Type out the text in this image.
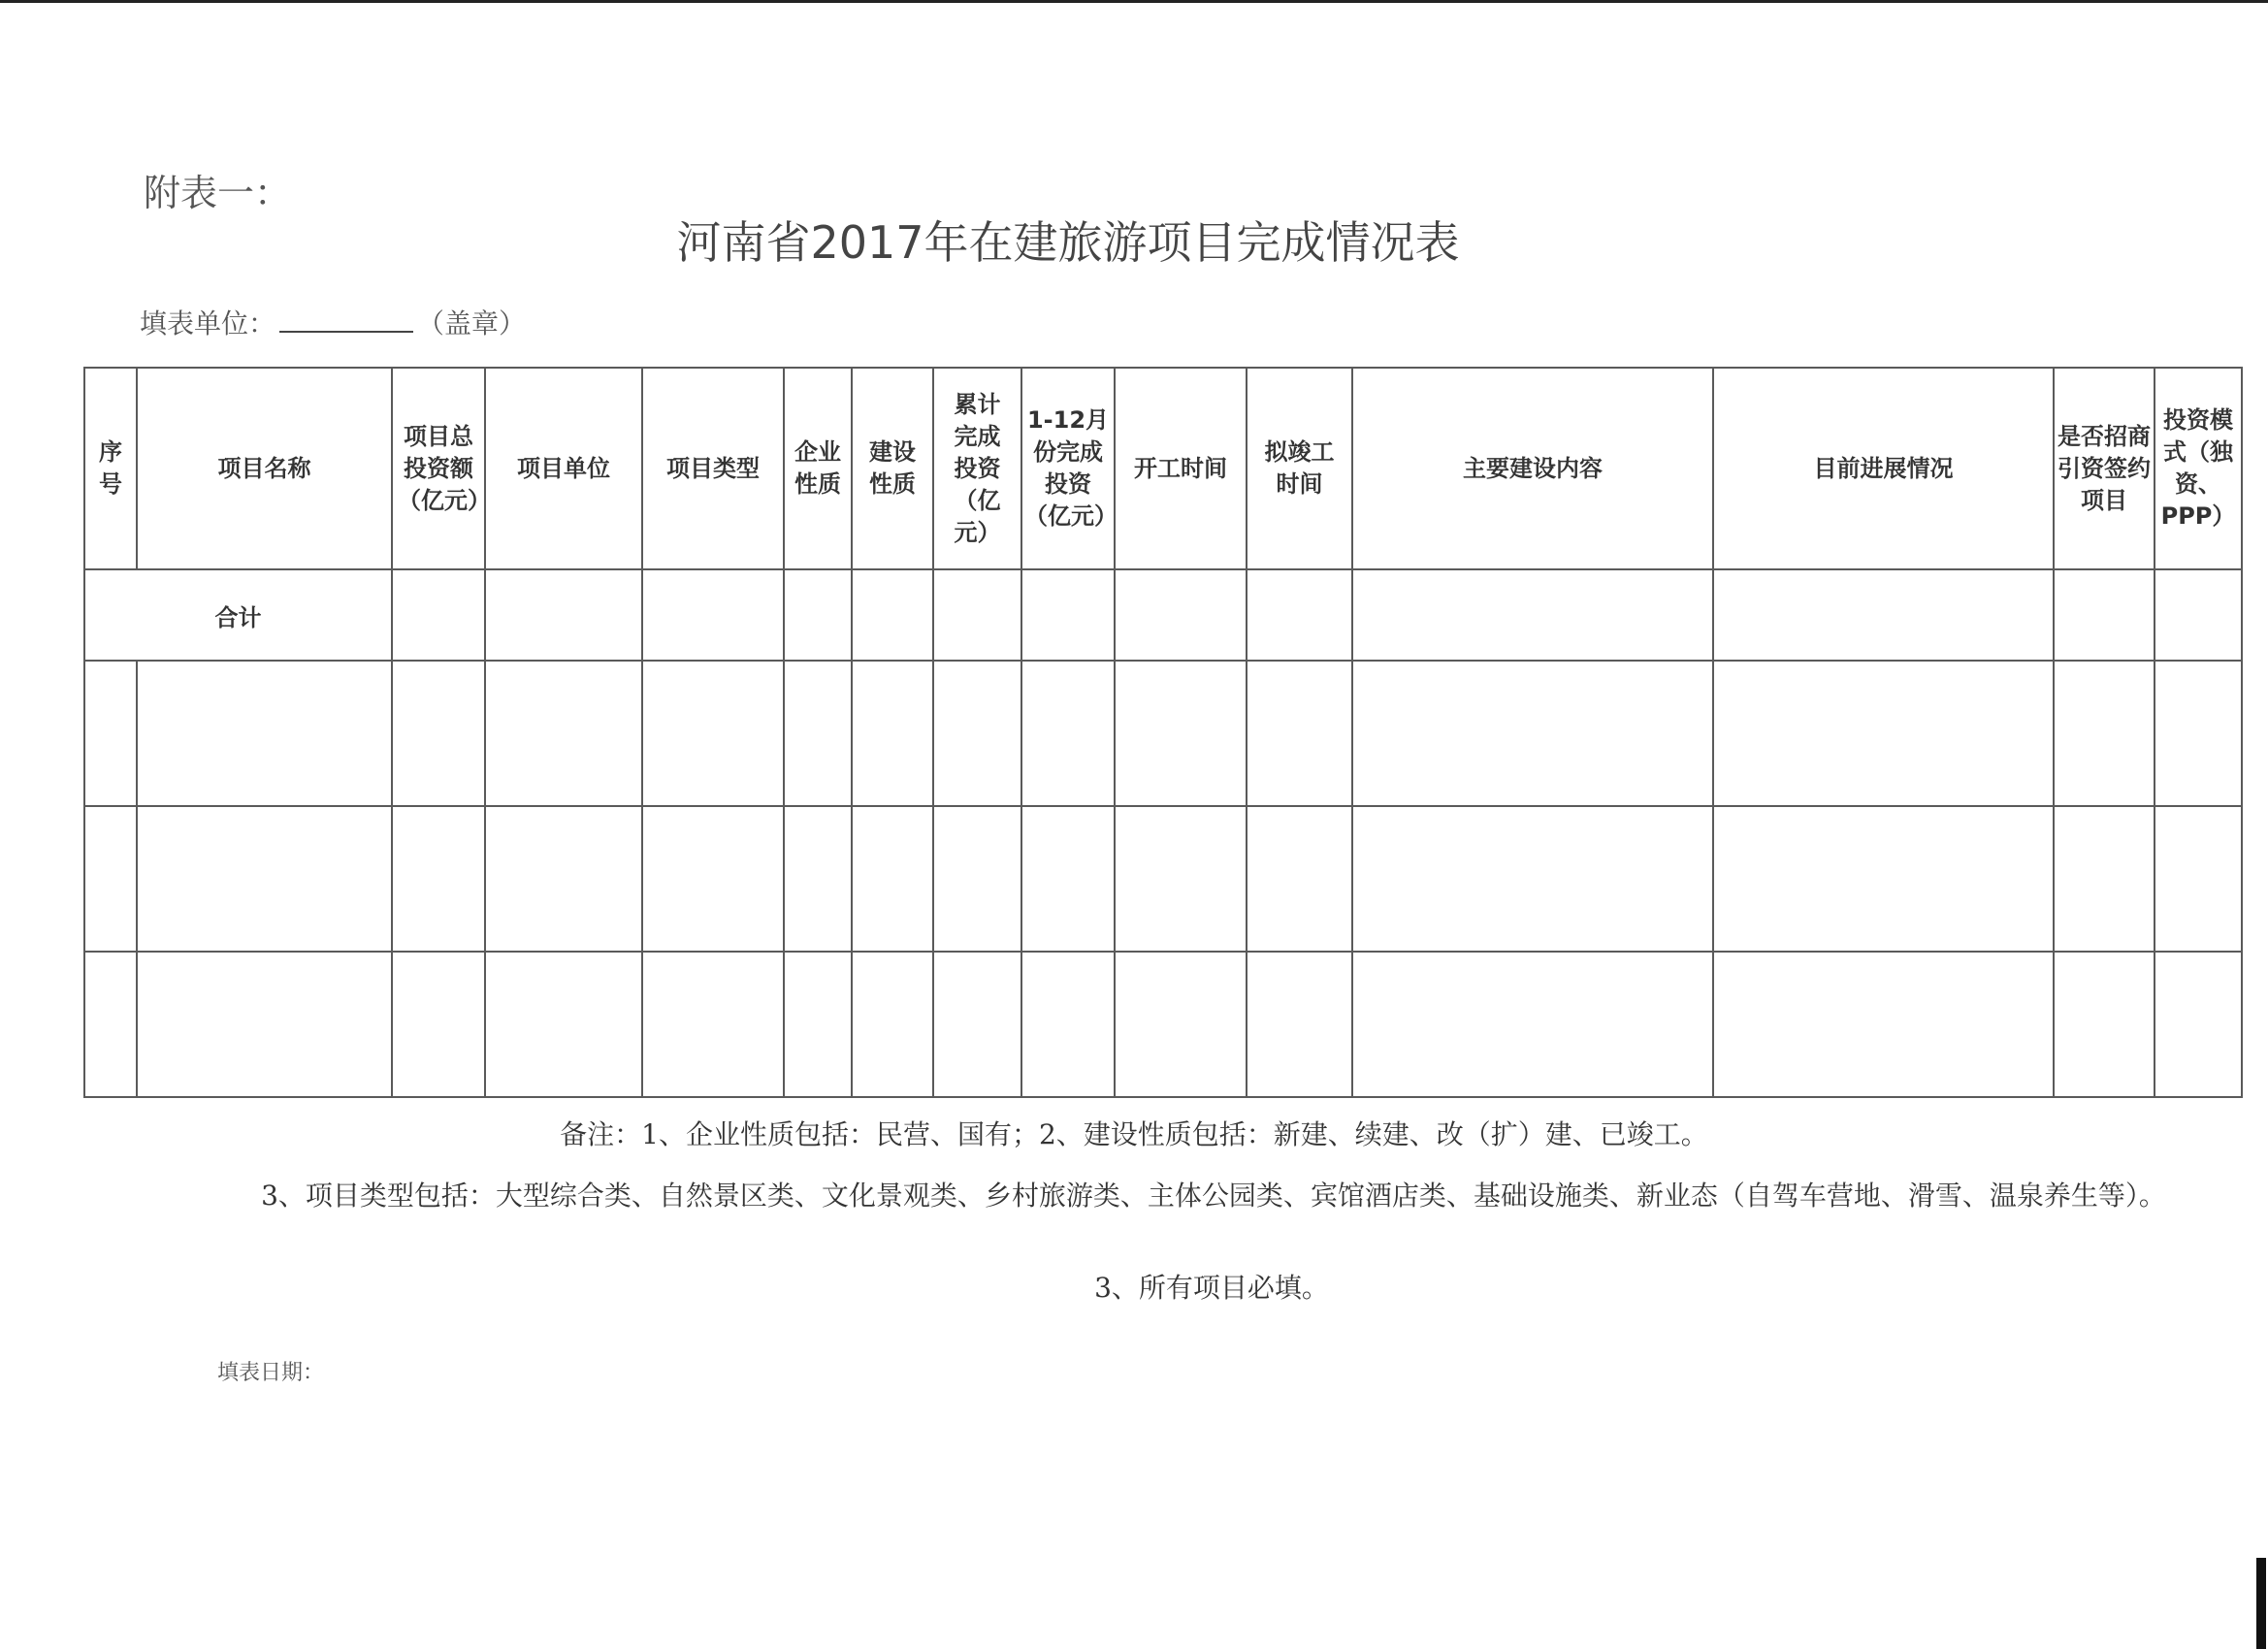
附表一：
河南省2017年在建旅游项目完成情况表
填表单位：	（盖章）
序号	项目名称	项目总投资额（亿元）	项目单位	项目类型	企业性质	建设性质	累计完成投资（亿元）	1-12月份完成投资（亿元）	开工时间	拟竣工时间	主要建设内容	目前进展情况	是否招商引资签约项目	投资模式（独资、PPP）
合计														

备注：1、企业性质包括：民营、国有；2、建设性质包括：新建、续建、改（扩）建、已竣工。
3、项目类型包括：大型综合类、自然景区类、文化景观类、乡村旅游类、主体公园类、宾馆酒店类、基础设施类、新业态（自驾车营地、滑雪、温泉养生等）。
3、所有项目必填。
填表日期：
